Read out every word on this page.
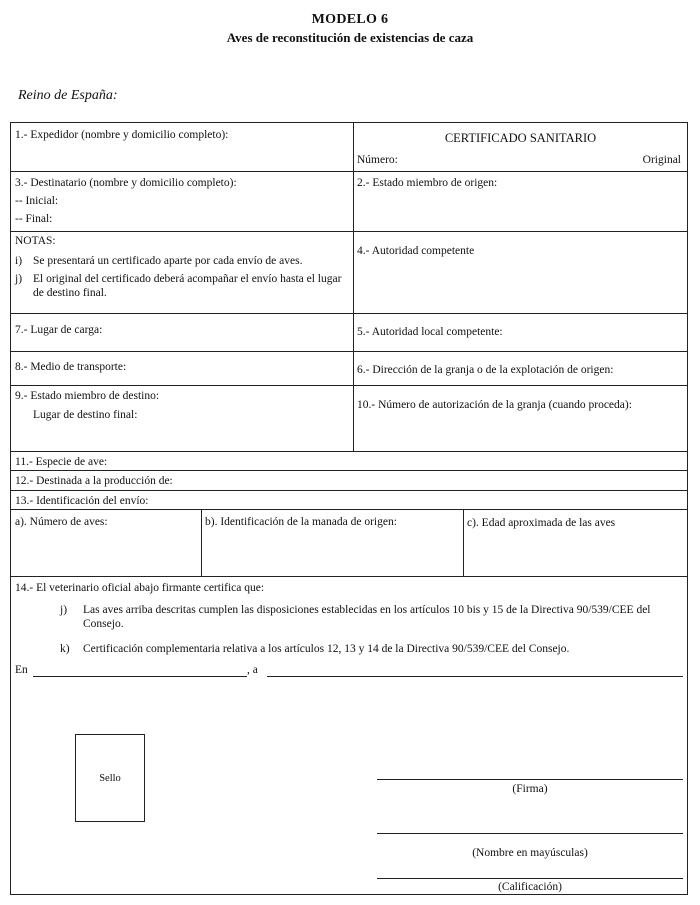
MODELO 6
Aves de reconstitución de existencias de caza
Reino de España:
1.- Expedidor (nombre y domicilio completo):	CERTIFICADO SANITARIO
Número:	Original
3.- Destinatario (nombre y domicilio completo):
-- Inicial:
-- Final:
2.- Estado miembro de origen:
NOTAS:
i) Se presentará un certificado aparte por cada envío de aves.
j) El original del certificado deberá acompañar el envío hasta el lugar de destino final.
4.- Autoridad competente
7.- Lugar de carga:	5.- Autoridad local competente:
8.- Medio de transporte:	6.- Dirección de la granja o de la explotación de origen:
9.- Estado miembro de destino:
Lugar de destino final:
10.- Número de autorización de la granja (cuando proceda):
11.- Especie de ave:
12.- Destinada a la producción de:
13.- Identificación del envío:
a). Número de aves:	b). Identificación de la manada de origen:	c). Edad aproximada de las aves
14.- El veterinario oficial abajo firmante certifica que:
j) Las aves arriba descritas cumplen las disposiciones establecidas en los artículos 10 bis y 15 de la Directiva 90/539/CEE del Consejo.
k) Certificación complementaria relativa a los artículos 12, 13 y 14 de la Directiva 90/539/CEE del Consejo.
En	, a
Sello
(Firma)
(Nombre en mayúsculas)
(Calificación)
